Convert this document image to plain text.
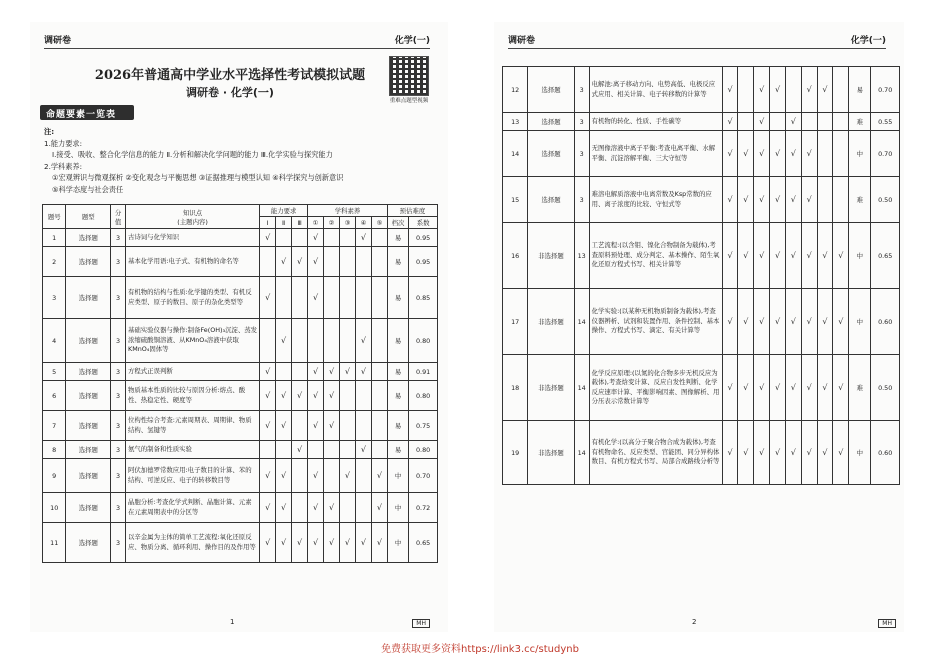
调研卷	化学(一)
2026年普通高中学业水平选择性考试模拟试题
调研卷 · 化学(一)
重难点题型视频
命题要素一览表
注:
1.能力要求:
Ⅰ.接受、吸收、整合化学信息的能力 Ⅱ.分析和解决化学问题的能力 Ⅲ.化学实验与探究能力
2.学科素养:
①宏观辨识与微观探析 ②变化观念与平衡思想 ③证据推理与模型认知 ④科学探究与创新意识
⑤科学态度与社会责任
题号	题型	分值	知识点
(主题内容)	能力要求			学科素养					预估难度	
				Ⅰ	Ⅱ	Ⅲ	①	②	③	④	⑤	档次	系数
1	选择题	3	古诗词与化学知识	√			√			√		易	0.95
2	选择题	3	基本化学用语:电子式、有机物的命名等		√	√	√					易	0.95
3	选择题	3	有机物的结构与性质:化学键的类型、有机反应类型、原子的数目、原子的杂化类型等	√			√					易	0.85
4	选择题	3	基础实验仪器与操作:制备Fe(OH)₃沉淀、蒸发浓缩硫酸铜溶液、从KMnO₄溶液中获取KMnO₄固体等		√					√		易	0.80
5	选择题	3	方程式正误判断	√			√	√	√	√		易	0.91
6	选择题	3	物质基本性质的比较与原因分析:熔点、酸性、热稳定性、硬度等	√	√	√	√	√				易	0.80
7	选择题	3	位构性综合考查:元素周期表、周期律、物质结构、氢键等	√	√		√	√				易	0.75
8	选择题	3	氨气的制备和性质实验			√				√		易	0.80
9	选择题	3	阿伏加德罗常数应用:电子数目的计算、苯的结构、可逆反应、电子的转移数目等	√	√		√		√		√	中	0.70
10	选择题	3	晶胞分析:考查化学式判断、晶胞计算、元素在元素周期表中的分区等	√	√		√	√			√	中	0.72
11	选择题	3	以辛金属为主体的简单工艺流程:氧化还原反应、物质分离、循环利用、操作目的及作用等	√	√	√	√	√	√	√	√	中	0.65
1	MH
调研卷	化学(一)
12	选择题	3	电解池:离子移动方向、电势高低、电极反应式应用、相关计算、电子转移数的计算等	√		√	√		√	√		易	0.70
13	选择题	3	有机物的转化、性质、手性碳等	√		√		√				难	0.55
14	选择题	3	无图像溶液中离子平衡:考查电离平衡、水解平衡、沉淀溶解平衡、三大守恒等	√	√	√	√	√	√			中	0.70
15	选择题	3	难溶电解质溶液中电离常数及Ksp常数的应用、离子浓度的比较、守恒式等	√	√	√	√	√	√			难	0.50
16	非选择题	13	工艺流程:(以含钼、镍化合物制备为载体),考查原料预处理、成分判定、基本操作、陌生氧化还原方程式书写、相关计算等	√	√	√	√	√	√	√	√	中	0.65
17	非选择题	14	化学实验:(以某种无机物质制备为载体),考查仪器辨析、试剂和装置作用、条件控制、基本操作、方程式书写、滴定、有关计算等	√	√	√	√	√	√	√	√	中	0.60
18	非选择题	14	化学反应原理:(以氮的化合物多步无机反应为载体),考查焓变计算、反应自发性判断、化学反应速率计算、平衡影响因素、图像解析、用分压表示常数计算等	√	√	√	√	√	√	√	√	难	0.50
19	非选择题	14	有机化学:(以高分子聚合物合成为载体),考查有机物命名、反应类型、官能团、同分异构体数目、有机方程式书写、局部合成路线分析等	√	√	√	√	√	√	√	√	中	0.60
2	MH
免费获取更多资料https://link3.cc/studynb
